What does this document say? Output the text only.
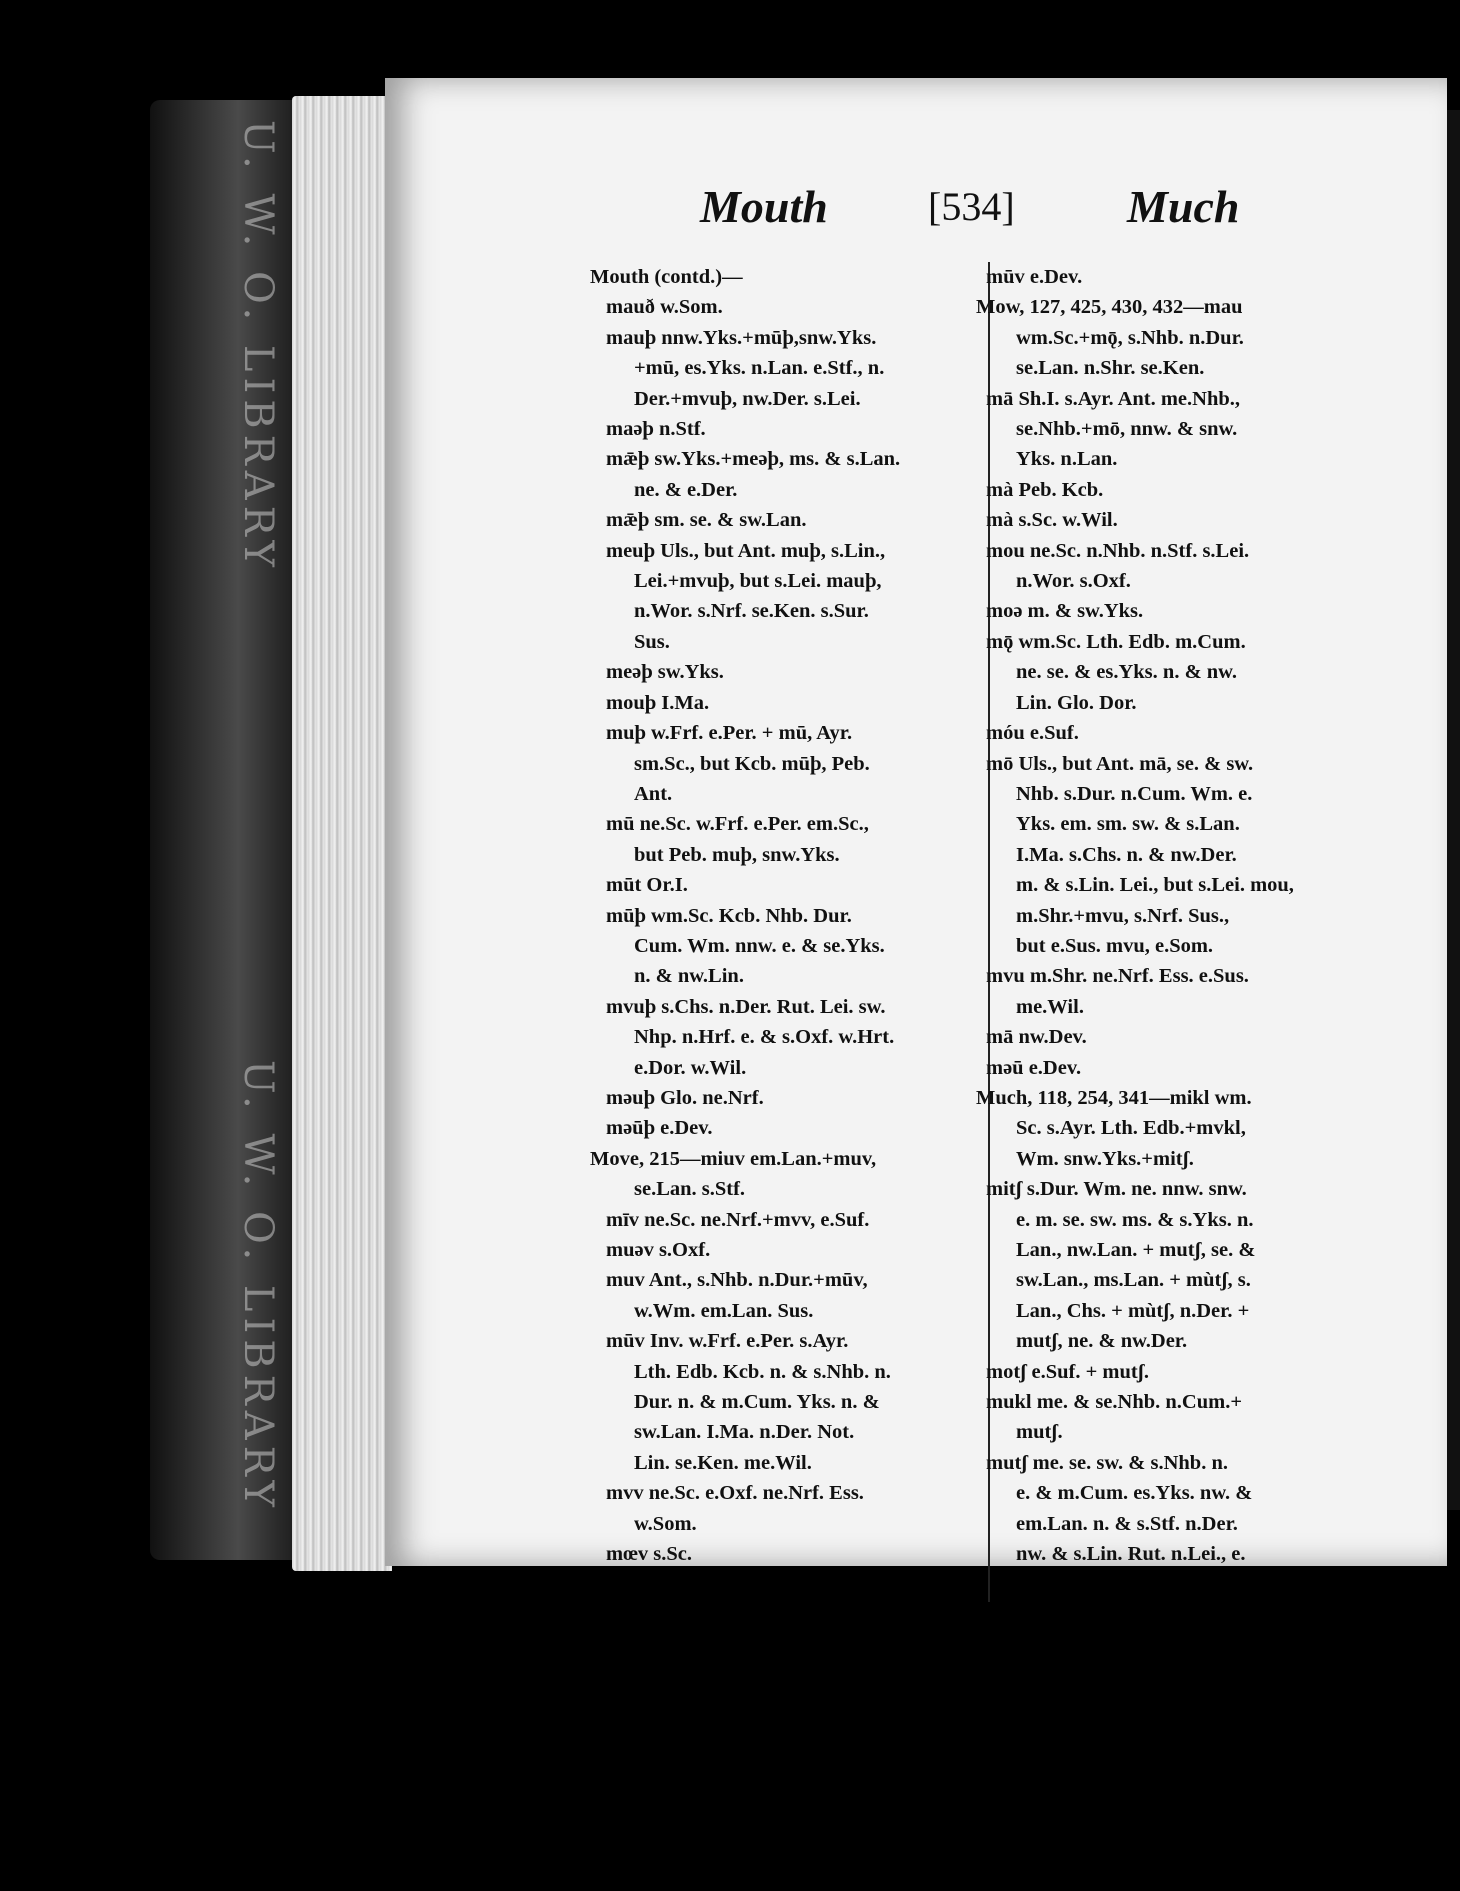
U. W. O. LIBRARY
U. W. O. LIBRARY
Mouth	[534] Much
Mouth (contd.)—
mauð w.Som.
mauþ nnw.Yks.+mūþ,snw.Yks.
+mū, es.Yks. n.Lan. e.Stf., n.
Der.+mvuþ, nw.Der. s.Lei.
maəþ n.Stf.
mǣþ sw.Yks.+meəþ, ms. & s.Lan.
ne. & e.Der.
mǣþ sm. se. & sw.Lan.
meuþ Uls., but Ant. muþ, s.Lin.,
Lei.+mvuþ, but s.Lei. mauþ,
n.Wor. s.Nrf. se.Ken. s.Sur.
Sus.
meəþ sw.Yks.
mouþ I.Ma.
muþ w.Frf. e.Per. + mū, Ayr.
sm.Sc., but Kcb. mūþ, Peb.
Ant.
mū ne.Sc. w.Frf. e.Per. em.Sc.,
but Peb. muþ, snw.Yks.
mūt Or.I.
mūþ wm.Sc. Kcb. Nhb. Dur.
Cum. Wm. nnw. e. & se.Yks.
n. & nw.Lin.
mvuþ s.Chs. n.Der. Rut. Lei. sw.
Nhp. n.Hrf. e. & s.Oxf. w.Hrt.
e.Dor. w.Wil.
məuþ Glo. ne.Nrf.
məūþ e.Dev.
Move, 215—miuv em.Lan.+muv,
se.Lan. s.Stf.
mīv ne.Sc. ne.Nrf.+mvv, e.Suf.
muəv s.Oxf.
muv Ant., s.Nhb. n.Dur.+mūv,
w.Wm. em.Lan. Sus.
mūv Inv. w.Frf. e.Per. s.Ayr.
Lth. Edb. Kcb. n. & s.Nhb. n.
Dur. n. & m.Cum. Yks. n. &
sw.Lan. I.Ma. n.Der. Not.
Lin. se.Ken. me.Wil.
mvv ne.Sc. e.Oxf. ne.Nrf. Ess.
w.Som.
mœv s.Sc.
mūv e.Dev.
Mow, 127, 425, 430, 432—mau
wm.Sc.+mǭ, s.Nhb. n.Dur.
se.Lan. n.Shr. se.Ken.
mā Sh.I. s.Ayr. Ant. me.Nhb.,
se.Nhb.+mō, nnw. & snw.
Yks. n.Lan.
mà Peb. Kcb.
mà s.Sc. w.Wil.
mou ne.Sc. n.Nhb. n.Stf. s.Lei.
n.Wor. s.Oxf.
moə m. & sw.Yks.
mǭ wm.Sc. Lth. Edb. m.Cum.
ne. se. & es.Yks. n. & nw.
Lin. Glo. Dor.
móu e.Suf.
mō Uls., but Ant. mā, se. & sw.
Nhb. s.Dur. n.Cum. Wm. e.
Yks. em. sm. sw. & s.Lan.
I.Ma. s.Chs. n. & nw.Der.
m. & s.Lin. Lei., but s.Lei. mou,
m.Shr.+mvu, s.Nrf. Sus.,
but e.Sus. mvu, e.Som.
mvu m.Shr. ne.Nrf. Ess. e.Sus.
me.Wil.
mā nw.Dev.
məū e.Dev.
Much, 118, 254, 341—mikl wm.
Sc. s.Ayr. Lth. Edb.+mvkl,
Wm. snw.Yks.+mitʃ.
mitʃ s.Dur. Wm. ne. nnw. snw.
e. m. se. sw. ms. & s.Yks. n.
Lan., nw.Lan. + mutʃ, se. &
sw.Lan., ms.Lan. + mùtʃ, s.
Lan., Chs. + mùtʃ, n.Der. +
mutʃ, ne. & nw.Der.
motʃ e.Suf. + mutʃ.
mukl me. & se.Nhb. n.Cum.+
mutʃ.
mutʃ me. se. sw. & s.Nhb. n.
e. & m.Cum. es.Yks. nw. &
em.Lan. n. & s.Stf. n.Der.
nw. & s.Lin. Rut. n.Lei., e.
